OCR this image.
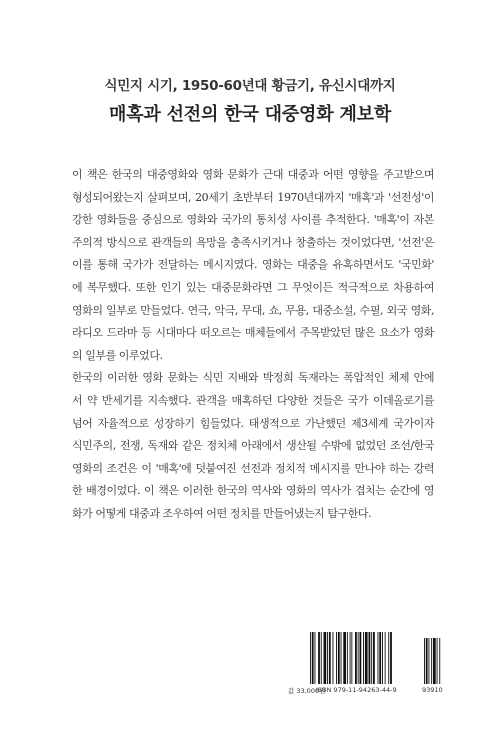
식민지 시기, 1950-60년대 황금기, 유신시대까지
매혹과 선전의 한국 대중영화 계보학
이 책은 한국의 대중영화와 영화 문화가 근대 대중과 어떤 영향을 주고받으며
형성되어왔는지 살펴보며, 20세기 초반부터 1970년대까지 '매혹'과 '선전성'이
강한 영화들을 중심으로 영화와 국가의 통치성 사이를 추적한다. '매혹'이 자본
주의적 방식으로 관객들의 욕망을 충족시키거나 창출하는 것이었다면, '선전'은
이를 통해 국가가 전달하는 메시지였다. 영화는 대중을 유혹하면서도 '국민화'
에 복무했다. 또한 인기 있는 대중문화라면 그 무엇이든 적극적으로 차용하여
영화의 일부로 만들었다. 연극, 악극, 무대, 쇼, 무용, 대중소설, 수필, 외국 영화,
라디오 드라마 등 시대마다 떠오르는 매체들에서 주목받았던 많은 요소가 영화
의 일부를 이루었다.
한국의 이러한 영화 문화는 식민 지배와 박정희 독재라는 폭압적인 체제 안에
서 약 반세기를 지속했다. 관객을 매혹하던 다양한 것들은 국가 이데올로기를
넘어 자율적으로 성장하기 힘들었다. 태생적으로 가난했던 제3세계 국가이자
식민주의, 전쟁, 독재와 같은 정치체 아래에서 생산될 수밖에 없었던 조선/한국
영화의 조건은 이 '매혹'에 덧붙여진 선전과 정치적 메시지를 만나야 하는 강력
한 배경이었다. 이 책은 이러한 한국의 역사와 영화의 역사가 겹치는 순간에 영
화가 어떻게 대중과 조우하여 어떤 정치를 만들어냈는지 탐구한다.
값 33,000원
ISBN 979-11-94263-44-9	93910
